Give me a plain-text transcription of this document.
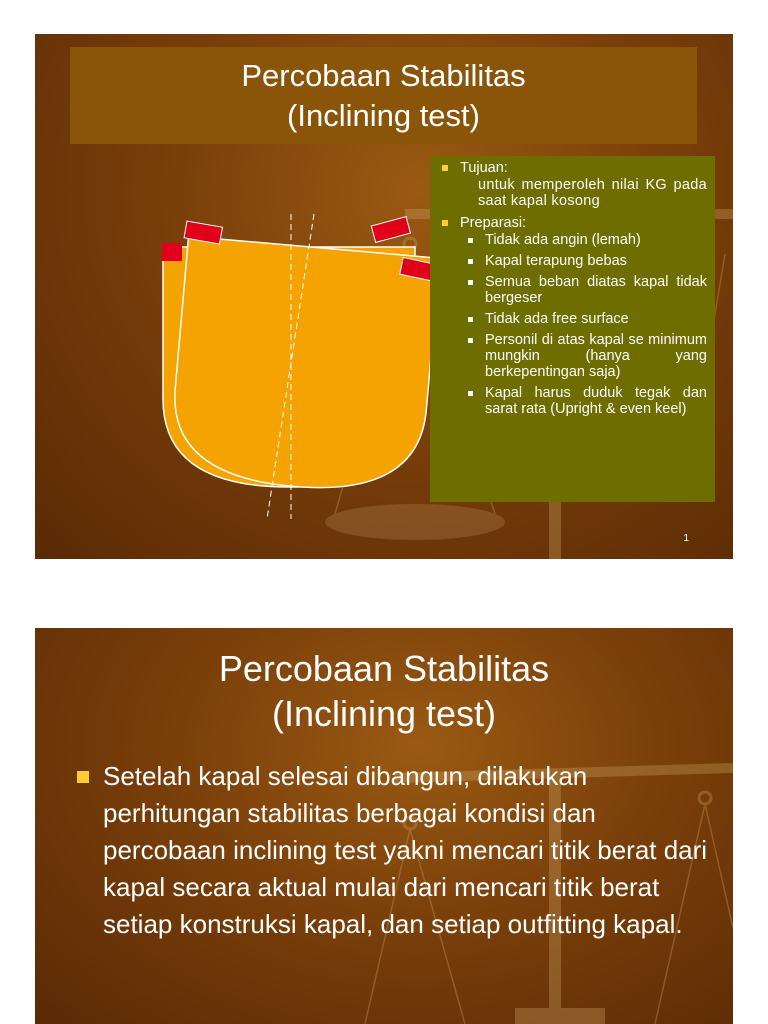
Percobaan Stabilitas
(Inclining test)
Tujuan:
untuk memperoleh nilai KG pada saat kapal kosong
Preparasi:
Tidak ada angin (lemah)
Kapal terapung bebas
Semua beban diatas kapal tidak bergeser
Tidak ada free surface
Personil di atas kapal se minimum mungkin (hanya yang berkepentingan saja)
Kapal harus duduk tegak dan sarat rata (Upright & even keel)
1
Percobaan Stabilitas
(Inclining test)
Setelah kapal selesai dibangun, dilakukan perhitungan stabilitas berbagai kondisi dan percobaan inclining test yakni mencari titik berat dari kapal secara aktual mulai dari mencari titik berat setiap konstruksi kapal, dan setiap outfitting kapal.
